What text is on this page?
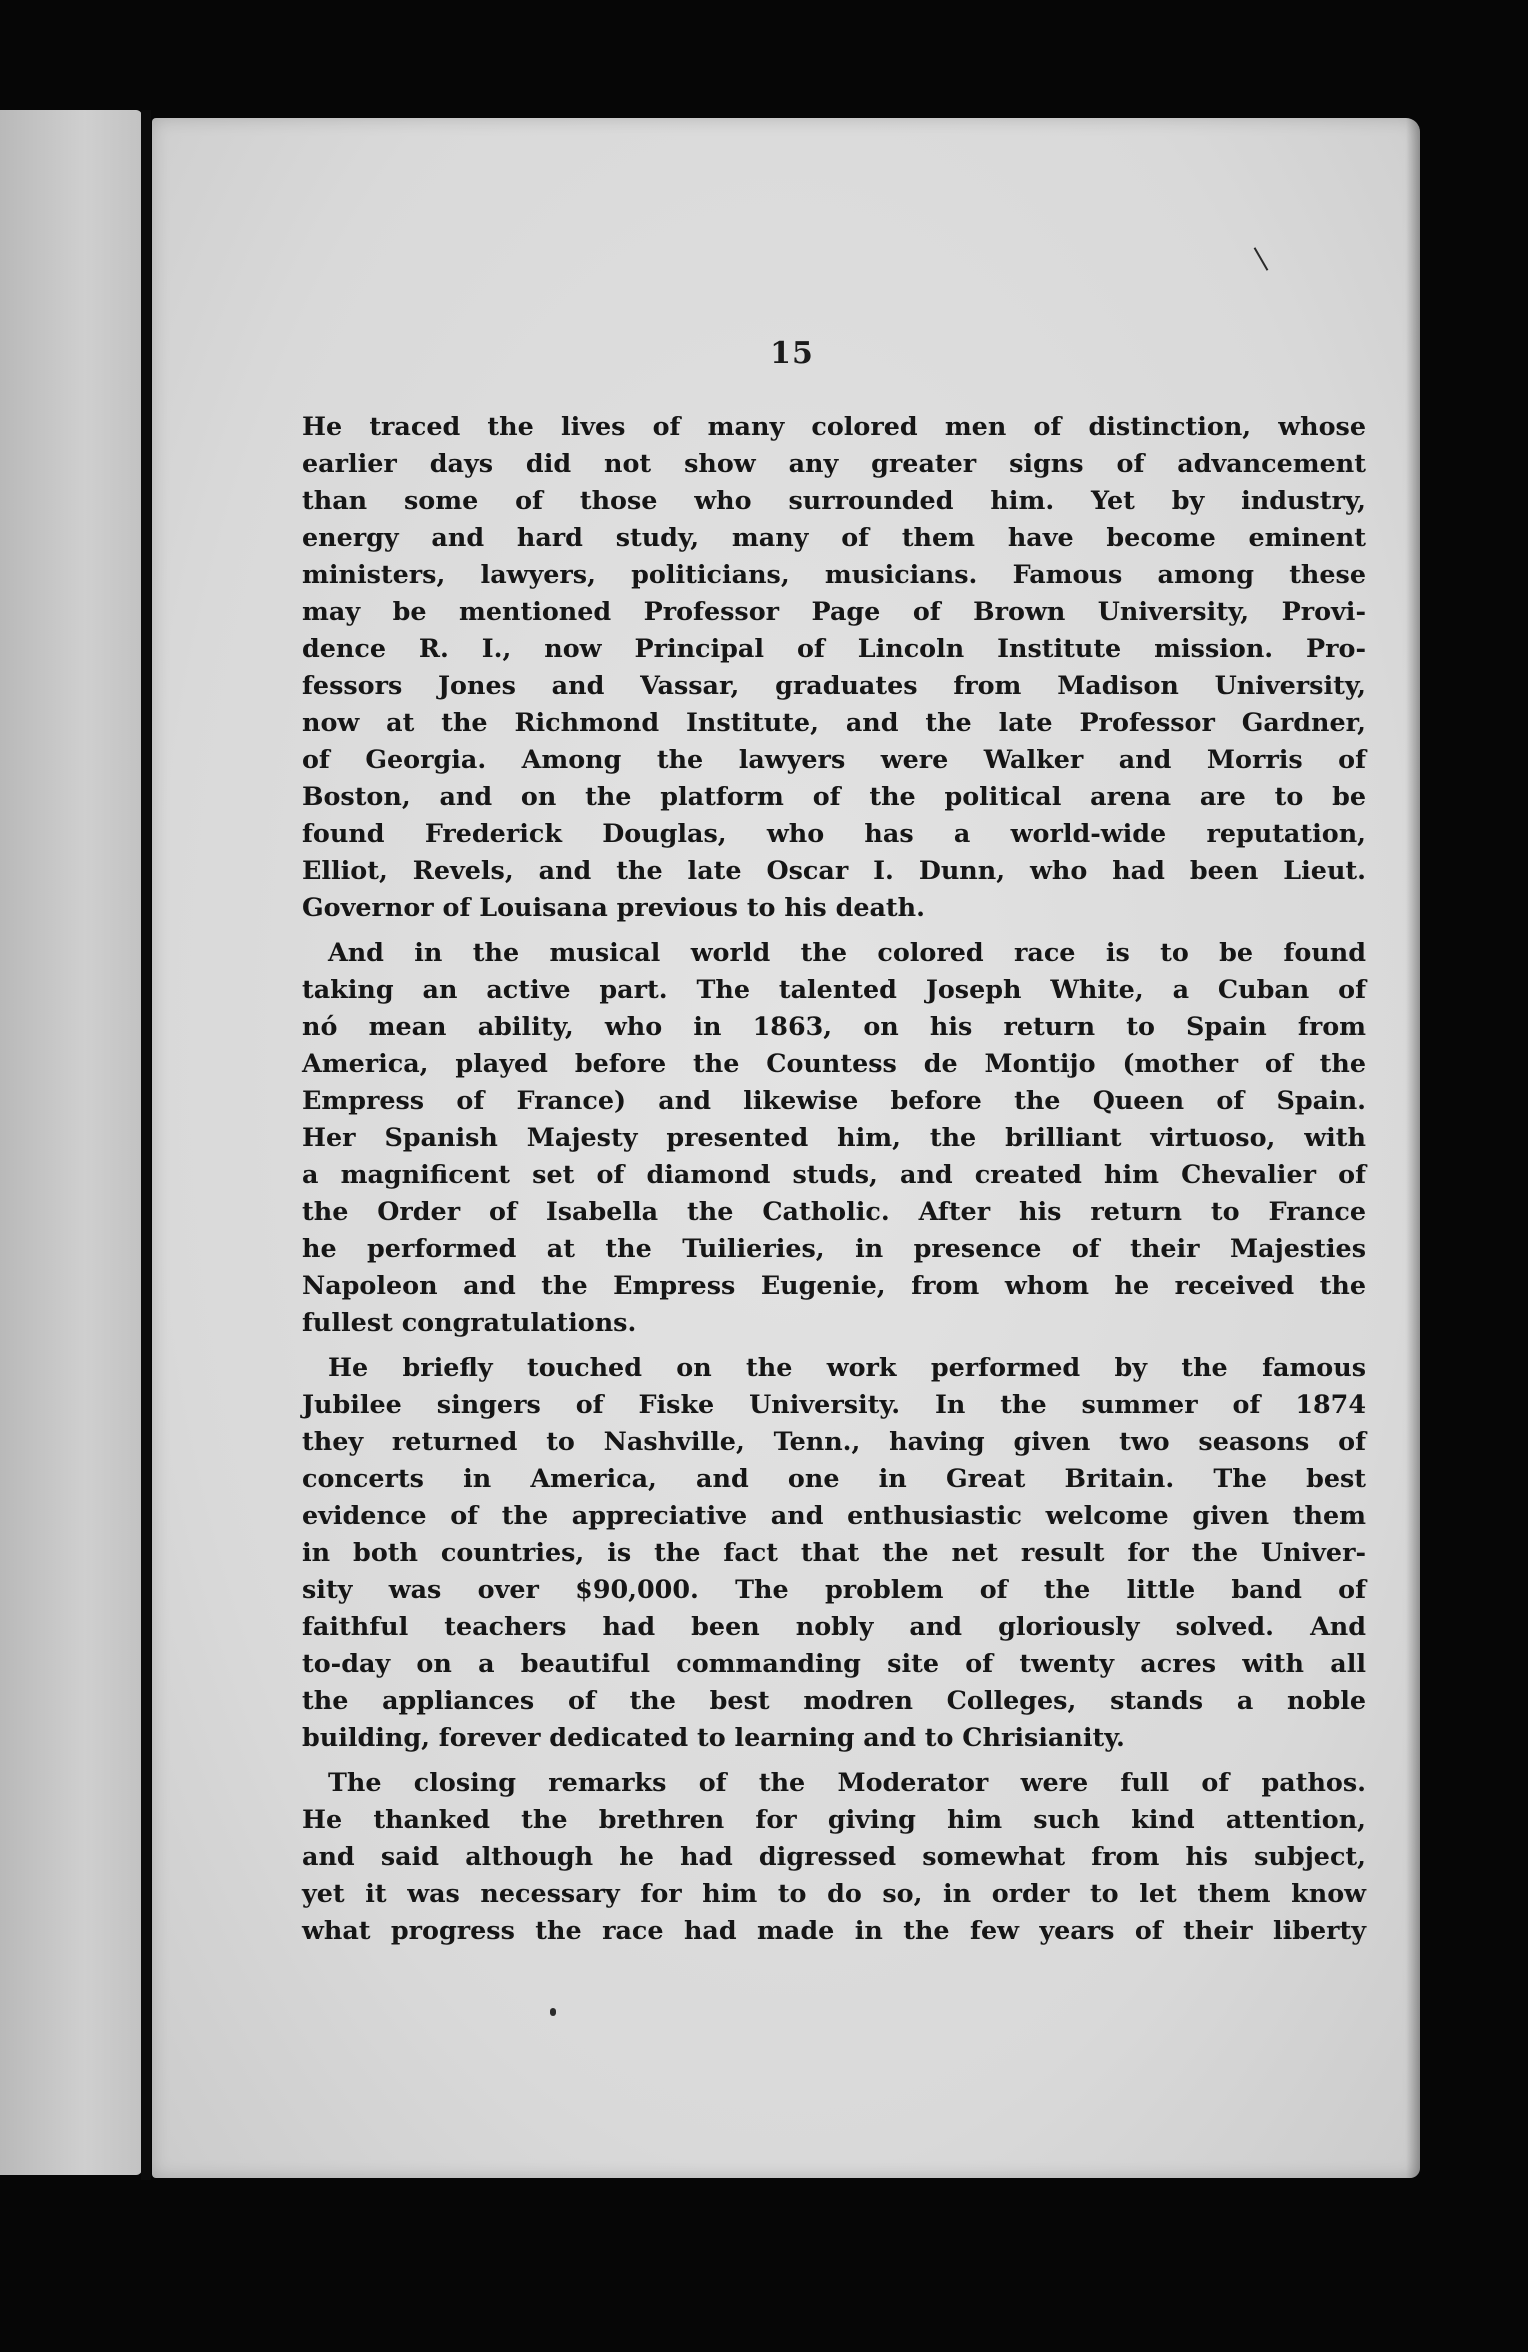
15

He traced the lives of many colored men of distinction, whose
earlier days did not show any greater signs of advancement
than some of those who surrounded him. Yet by industry,
energy and hard study, many of them have become eminent
ministers, lawyers, politicians, musicians. Famous among these
may be mentioned Professor Page of Brown University, Provi-
dence R. I., now Principal of Lincoln Institute mission. Pro-
fessors Jones and Vassar, graduates from Madison University,
now at the Richmond Institute, and the late Professor Gardner,
of Georgia. Among the lawyers were Walker and Morris of
Boston, and on the platform of the political arena are to be
found Frederick Douglas, who has a world-wide reputation,
Elliot, Revels, and the late Oscar I. Dunn, who had been Lieut.
Governor of Louisana previous to his death.

And in the musical world the colored race is to be found
taking an active part. The talented Joseph White, a Cuban of
nó mean ability, who in 1863, on his return to Spain from
America, played before the Countess de Montijo (mother of the
Empress of France) and likewise before the Queen of Spain.
Her Spanish Majesty presented him, the brilliant virtuoso, with
a magnificent set of diamond studs, and created him Chevalier of
the Order of Isabella the Catholic. After his return to France
he performed at the Tuilieries, in presence of their Majesties
Napoleon and the Empress Eugenie, from whom he received the
fullest congratulations.

He briefly touched on the work performed by the famous
Jubilee singers of Fiske University. In the summer of 1874
they returned to Nashville, Tenn., having given two seasons of
concerts in America, and one in Great Britain. The best
evidence of the appreciative and enthusiastic welcome given them
in both countries, is the fact that the net result for the Univer-
sity was over $90,000. The problem of the little band of
faithful teachers had been nobly and gloriously solved. And
to-day on a beautiful commanding site of twenty acres with all
the appliances of the best modren Colleges, stands a noble
building, forever dedicated to learning and to Chrisianity.

The closing remarks of the Moderator were full of pathos.
He thanked the brethren for giving him such kind attention,
and said although he had digressed somewhat from his subject,
yet it was necessary for him to do so, in order to let them know
what progress the race had made in the few years of their liberty
